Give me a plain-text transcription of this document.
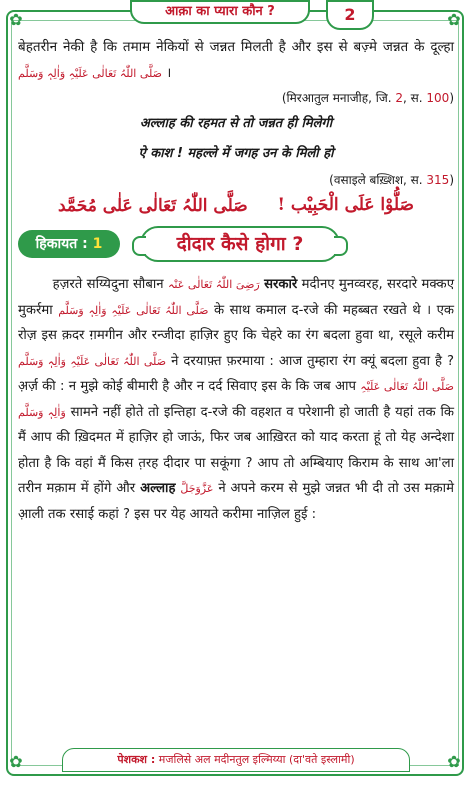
✿	✿
✿	✿
आक़ा का प्यारा कौन ?	2

बेहतरीन नेकी है कि तमाम नेकियों से जन्नत मिलती है और इस से बज़्मे जन्नत के दूल्हा صَلَّی اللّٰہُ تَعَالٰی عَلَیْہِ وَاٰلِہٖ وَسَلَّم ।

(मिरआतुल मनाजीह, जि. 2, स. 100)

अल्लाह की रहमत से तो जन्नत ही मिलेगी

ऐ काश ! महल्ले में जगह उन के मिली हो

(वसाइले बख़्शिश, स. 315)

صَلَّی اللّٰہُ تَعَالٰی عَلٰی مُحَمَّد صَلُّوْا عَلَی الْحَبِیْب !
हिकायत : 1	दीदार कैसे होगा ?

हज़रते सय्यिदुना सौबान رَضِیَ اللّٰہُ تَعَالٰی عَنْہ सरकारे मदीनए मुनव्वरह, सरदारे मक्कए मुकर्रमा صَلَّی اللّٰہُ تَعَالٰی عَلَیْہِ وَاٰلِہٖ وَسَلَّم के साथ कमाल द-रजे की महब्बत रखते थे । एक रोज़ इस क़दर ग़मगीन और रन्जीदा हाज़िर हुए कि चेहरे का रंग बदला हुवा था, रसूले करीम صَلَّی اللّٰہُ تَعَالٰی عَلَیْہِ وَاٰلِہٖ وَسَلَّم ने दरयाफ़्त फ़रमाया : आज तुम्हारा रंग क्यूं बदला हुवा है ? अ़र्ज़ की : न मुझे कोई बीमारी है और न दर्द सिवाए इस के कि जब आप صَلَّی اللّٰہُ تَعَالٰی عَلَیْہِ وَاٰلِہٖ وَسَلَّم सामने नहीं होते तो इन्तिहा द-रजे की वहशत व परेशानी हो जाती है यहां तक कि मैं आप की ख़िदमत में हाज़िर हो जाऊं, फिर जब आख़िरत को याद करता हूं तो येह अन्देशा होता है कि वहां मैं किस त़रह दीदार पा सकूंगा ? आप तो अम्बियाए किराम के साथ आ'ला तरीन मक़ाम में होंगे और अल्लाह عَزَّوَجَلَّ ने अपने करम से मुझे जन्नत भी दी तो उस मक़ामे आ़ली तक रसाई कहां ? इस पर येह आयते करीमा नाज़िल हुई :

पेशकश : मजलिसे अल मदीनतुल इल्मिय्या (दा'वते इस्लामी)
